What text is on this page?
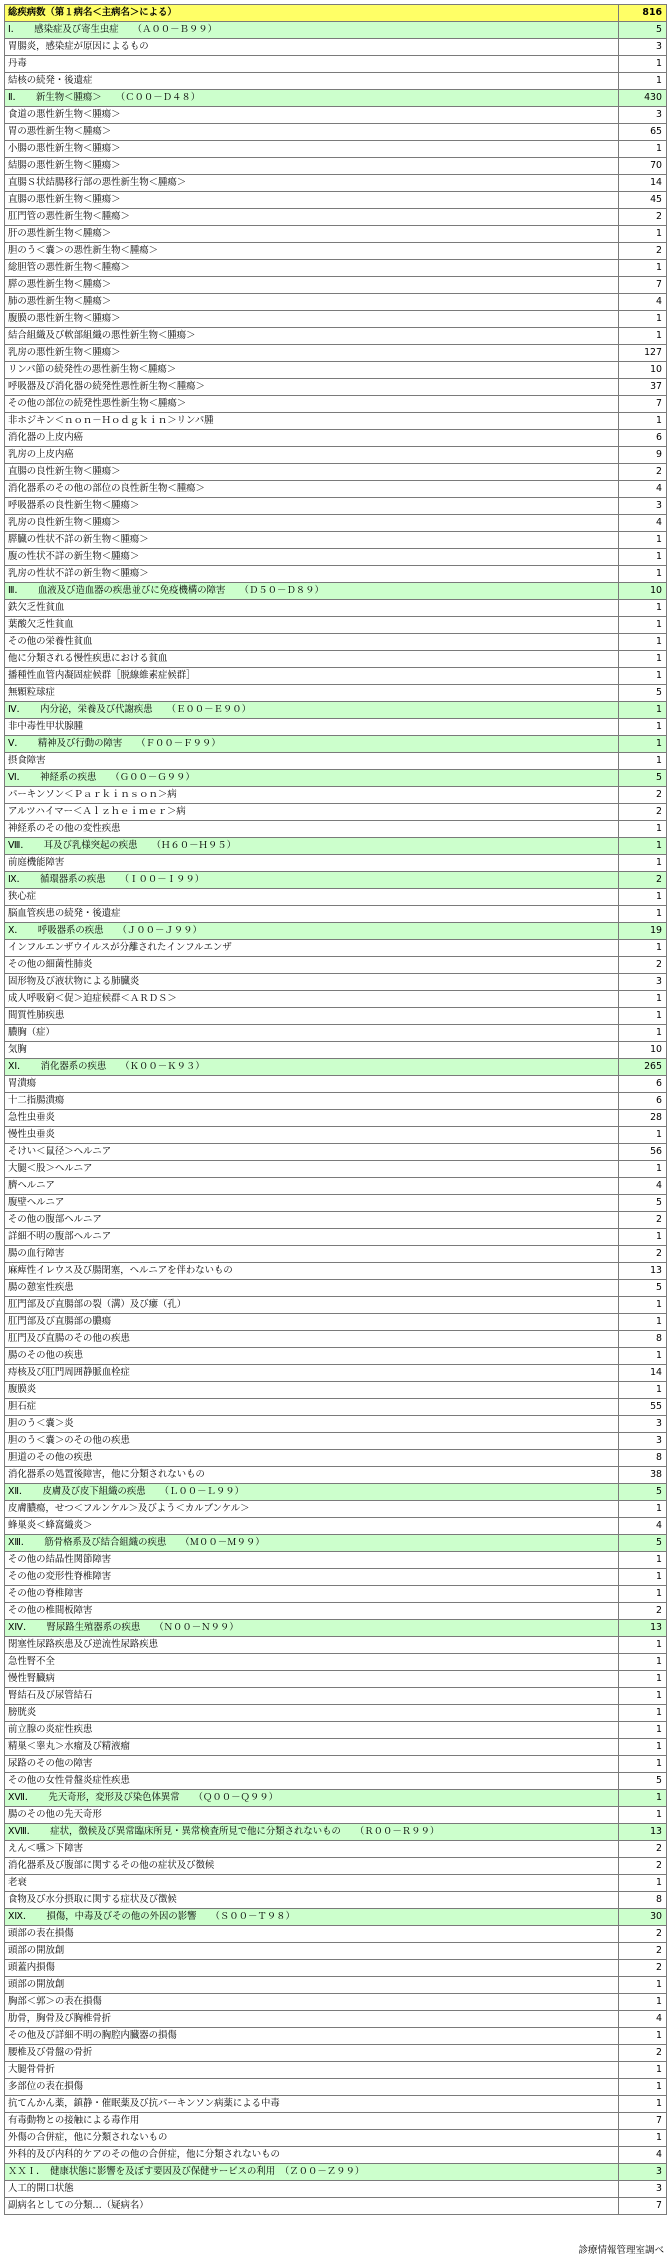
総疾病数（第１病名＜主病名＞による）	816
Ⅰ．　　感染症及び寄生虫症　　（Ａ００－Ｂ９９）	5
胃腸炎，感染症が原因によるもの	3
丹毒	1
結核の続発・後遺症	1
Ⅱ．　　新生物＜腫瘍＞　　（Ｃ００－Ｄ４８）	430
食道の悪性新生物＜腫瘍＞	3
胃の悪性新生物＜腫瘍＞	65
小腸の悪性新生物＜腫瘍＞	1
結腸の悪性新生物＜腫瘍＞	70
直腸Ｓ状結腸移行部の悪性新生物＜腫瘍＞	14
直腸の悪性新生物＜腫瘍＞	45
肛門管の悪性新生物＜腫瘍＞	2
肝の悪性新生物＜腫瘍＞	1
胆のう＜嚢＞の悪性新生物＜腫瘍＞	2
総胆管の悪性新生物＜腫瘍＞	1
膵の悪性新生物＜腫瘍＞	7
肺の悪性新生物＜腫瘍＞	4
腹膜の悪性新生物＜腫瘍＞	1
結合組織及び軟部組織の悪性新生物＜腫瘍＞	1
乳房の悪性新生物＜腫瘍＞	127
リンパ節の続発性の悪性新生物＜腫瘍＞	10
呼吸器及び消化器の続発性悪性新生物＜腫瘍＞	37
その他の部位の続発性悪性新生物＜腫瘍＞	7
非ホジキン＜ｎｏｎ－Ｈｏｄｇｋｉｎ＞リンパ腫	1
消化器の上皮内癌	6
乳房の上皮内癌	9
直腸の良性新生物＜腫瘍＞	2
消化器系のその他の部位の良性新生物＜腫瘍＞	4
呼吸器系の良性新生物＜腫瘍＞	3
乳房の良性新生物＜腫瘍＞	4
膵臓の性状不詳の新生物＜腫瘍＞	1
腹の性状不詳の新生物＜腫瘍＞	1
乳房の性状不詳の新生物＜腫瘍＞	1
Ⅲ．　　血液及び造血器の疾患並びに免疫機構の障害　　（Ｄ５０－Ｄ８９）	10
鉄欠乏性貧血	1
葉酸欠乏性貧血	1
その他の栄養性貧血	1
他に分類される慢性疾患における貧血	1
播種性血管内凝固症候群［脱線維素症候群］	1
無顆粒球症	5
Ⅳ．　　内分泌，栄養及び代謝疾患　　（Ｅ００－Ｅ９０）	1
非中毒性甲状腺腫	1
Ⅴ．　　精神及び行動の障害　　（Ｆ００－Ｆ９９）	1
摂食障害	1
Ⅵ．　　神経系の疾患　　（Ｇ００－Ｇ９９）	5
パーキンソン＜Ｐａｒｋｉｎｓｏｎ＞病	2
アルツハイマー＜Ａｌｚｈｅｉｍｅｒ＞病	2
神経系のその他の変性疾患	1
Ⅷ．　　耳及び乳様突起の疾患　　（Ｈ６０－Ｈ９５）	1
前庭機能障害	1
Ⅸ．　　循環器系の疾患　　（Ｉ００－Ｉ９９）	2
狭心症	1
脳血管疾患の続発・後遺症	1
Ⅹ．　　呼吸器系の疾患　　（Ｊ００－Ｊ９９）	19
インフルエンザウイルスが分離されたインフルエンザ	1
その他の細菌性肺炎	2
固形物及び液状物による肺臓炎	3
成人呼吸窮＜促＞迫症候群＜ＡＲＤＳ＞	1
間質性肺疾患	1
膿胸（症）	1
気胸	10
ⅩⅠ．　　消化器系の疾患　　（Ｋ００－Ｋ９３）	265
胃潰瘍	6
十二指腸潰瘍	6
急性虫垂炎	28
慢性虫垂炎	1
そけい＜鼠径＞ヘルニア	56
大腿＜股＞ヘルニア	1
臍ヘルニア	4
腹壁ヘルニア	5
その他の腹部ヘルニア	2
詳細不明の腹部ヘルニア	1
腸の血行障害	2
麻痺性イレウス及び腸閉塞，ヘルニアを伴わないもの	13
腸の憩室性疾患	5
肛門部及び直腸部の裂（溝）及び瘻（孔）	1
肛門部及び直腸部の膿瘍	1
肛門及び直腸のその他の疾患	8
腸のその他の疾患	1
痔核及び肛門周囲静脈血栓症	14
腹膜炎	1
胆石症	55
胆のう＜嚢＞炎	3
胆のう＜嚢＞のその他の疾患	3
胆道のその他の疾患	8
消化器系の処置後障害，他に分類されないもの	38
ⅩⅡ．　　皮膚及び皮下組織の疾患　　（Ｌ００－Ｌ９９）	5
皮膚膿瘍，せつ＜フルンケル＞及びよう＜カルブンケル＞	1
蜂巣炎＜蜂窩織炎＞	4
ⅩⅢ．　　筋骨格系及び結合組織の疾患　　（Ｍ００－Ｍ９９）	5
その他の結晶性関節障害	1
その他の変形性脊椎障害	1
その他の脊椎障害	1
その他の椎間板障害	2
ⅩⅣ．　　腎尿路生殖器系の疾患　　（Ｎ００－Ｎ９９）	13
閉塞性尿路疾患及び逆流性尿路疾患	1
急性腎不全	1
慢性腎臓病	1
腎結石及び尿管結石	1
膀胱炎	1
前立腺の炎症性疾患	1
精巣＜睾丸＞水瘤及び精液瘤	1
尿路のその他の障害	1
その他の女性骨盤炎症性疾患	5
ⅩⅦ．　　先天奇形，変形及び染色体異常　　（Ｑ００－Ｑ９９）	1
腸のその他の先天奇形	1
ⅩⅧ．　　症状，徴候及び異常臨床所見・異常検査所見で他に分類されないもの　　（Ｒ００－Ｒ９９）	13
えん＜嚥＞下障害	2
消化器系及び腹部に関するその他の症状及び徴候	2
老衰	1
食物及び水分摂取に関する症状及び徴候	8
ⅩⅨ．　　損傷，中毒及びその他の外因の影響　　（Ｓ００－Ｔ９８）	30
頭部の表在損傷	2
頭部の開放創	2
頭蓋内損傷	2
頭部の開放創	1
胸部＜郭＞の表在損傷	1
肋骨，胸骨及び胸椎骨折	4
その他及び詳細不明の胸腔内臓器の損傷	1
腰椎及び骨盤の骨折	2
大腿骨骨折	1
多部位の表在損傷	1
抗てんかん薬，鎮静・催眠薬及び抗パーキンソン病薬による中毒	1
有毒動物との接触による毒作用	7
外傷の合併症，他に分類されないもの	1
外科的及び内科的ケアのその他の合併症，他に分類されないもの	4
ＸＸＩ．　健康状態に影響を及ぼす要因及び保健サービスの利用　（Ｚ００－Ｚ９９）	3
人工的開口状態	3
副病名としての分類…（疑病名）	7
診療情報管理室調べ
